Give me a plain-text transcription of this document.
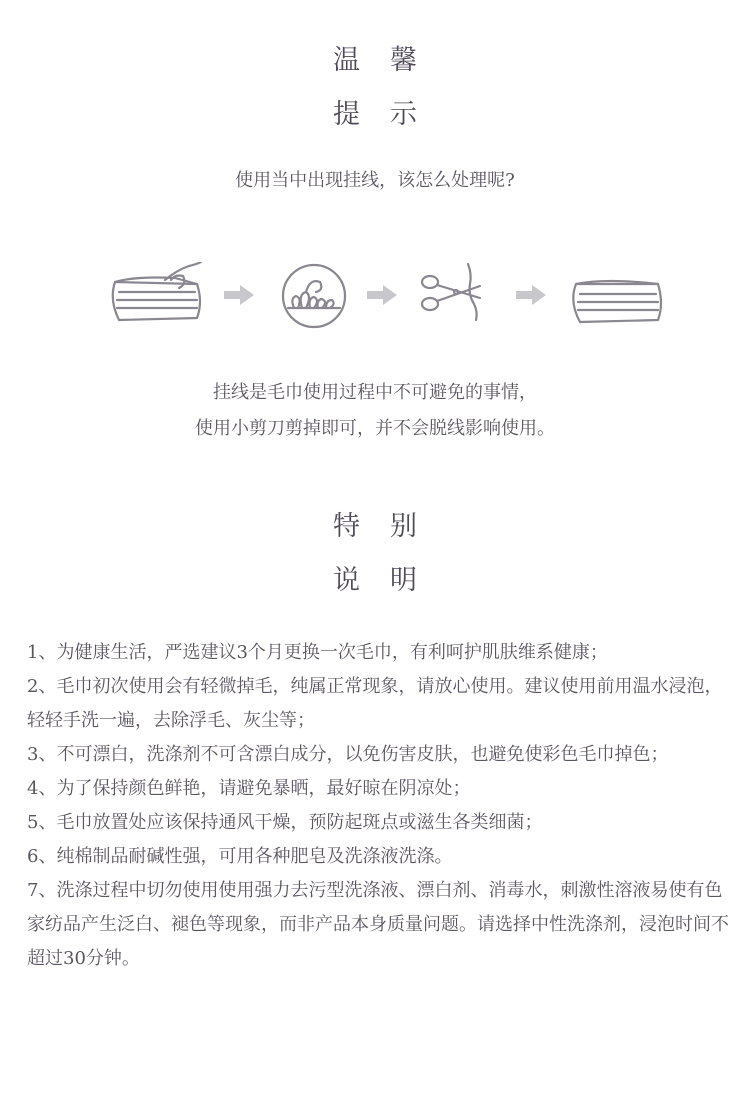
温馨
提示
使用当中出现挂线，该怎么处理呢?
挂线是毛巾使用过程中不可避免的事情，
使用小剪刀剪掉即可，并不会脱线影响使用。
特别
说明
1、为健康生活，严选建议3个月更换一次毛巾，有利呵护肌肤维系健康；
2、毛巾初次使用会有轻微掉毛，纯属正常现象，请放心使用。建议使用前用温水浸泡，轻轻手洗一遍，去除浮毛、灰尘等；
3、不可漂白，洗涤剂不可含漂白成分，以免伤害皮肤，也避免使彩色毛巾掉色；
4、为了保持颜色鲜艳，请避免暴晒，最好晾在阴凉处；
5、毛巾放置处应该保持通风干燥，预防起斑点或滋生各类细菌；
6、纯棉制品耐碱性强，可用各种肥皂及洗涤液洗涤。
7、洗涤过程中切勿使用使用强力去污型洗涤液、漂白剂、消毒水，刺激性溶液易使有色家纺品产生泛白、褪色等现象，而非产品本身质量问题。请选择中性洗涤剂，浸泡时间不超过30分钟。
